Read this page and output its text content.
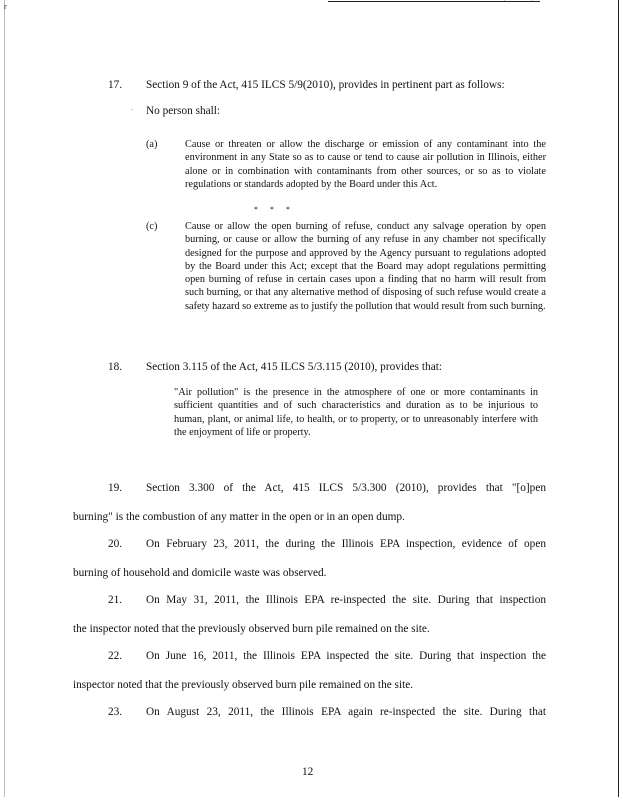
r	'	'
17. Section 9 of the Act, 415 ILCS 5/9(2010), provides in pertinent part as follows:
· No person shall:
(a)	Cause or threaten or allow the discharge or emission of any contaminant into the environment in any State so as to cause or tend to cause air pollution in Illinois, either alone or in combination with contaminants from other sources, or so as to violate regulations or standards adopted by the Board under this Act.
* * *
(c)	Cause or allow the open burning of refuse, conduct any salvage operation by open burning, or cause or allow the burning of any refuse in any chamber not specifically designed for the purpose and approved by the Agency pursuant to regulations adopted by the Board under this Act; except that the Board may adopt regulations permitting open burning of refuse in certain cases upon a finding that no harm will result from such burning, or that any alternative method of disposing of such refuse would create a safety hazard so extreme as to justify the pollution that would result from such burning.
18. Section 3.115 of the Act, 415 ILCS 5/3.115 (2010), provides that:
"Air pollution" is the presence in the atmosphere of one or more contaminants in sufficient quantities and of such characteristics and duration as to be injurious to human, plant, or animal life, to health, or to property, or to unreasonably interfere with the enjoyment of life or property.
19. Section 3.300 of the Act, 415 ILCS 5/3.300 (2010), provides that "[o]pen
burning" is the combustion of any matter in the open or in an open dump.
20. On February 23, 2011, the during the Illinois EPA inspection, evidence of open
burning of household and domicile waste was observed.
21. On May 31, 2011, the Illinois EPA re-inspected the site. During that inspection
the inspector noted that the previously observed burn pile remained on the site.
22. On June 16, 2011, the Illinois EPA inspected the site. During that inspection the
inspector noted that the previously observed burn pile remained on the site.
23. On August 23, 2011, the Illinois EPA again re-inspected the site. During that
12
